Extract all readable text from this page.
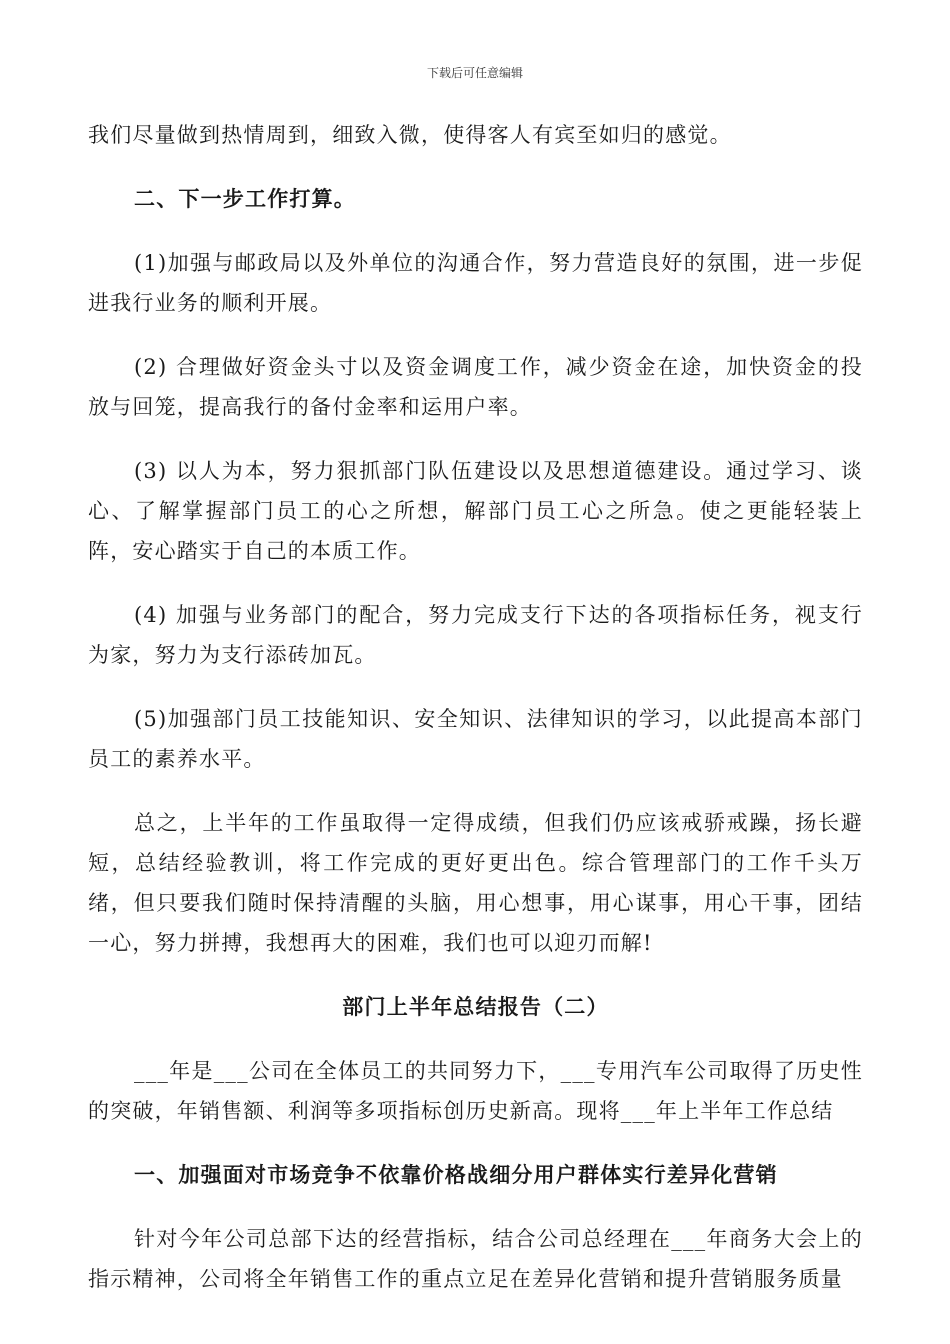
下载后可任意编辑

我们尽量做到热情周到，细致入微，使得客人有宾至如归的感觉。

二、下一步工作打算。

(1)加强与邮政局以及外单位的沟通合作，努力营造良好的氛围，进一步促进我行业务的顺利开展。

(2) 合理做好资金头寸以及资金调度工作，减少资金在途，加快资金的投放与回笼，提高我行的备付金率和运用户率。

(3) 以人为本，努力狠抓部门队伍建设以及思想道德建设。通过学习、谈心、了解掌握部门员工的心之所想，解部门员工心之所急。使之更能轻装上阵，安心踏实于自己的本质工作。

(4) 加强与业务部门的配合，努力完成支行下达的各项指标任务，视支行为家，努力为支行添砖加瓦。

(5)加强部门员工技能知识、安全知识、法律知识的学习，以此提高本部门员工的素养水平。

总之，上半年的工作虽取得一定得成绩，但我们仍应该戒骄戒躁，扬长避短，总结经验教训，将工作完成的更好更出色。综合管理部门的工作千头万绪，但只要我们随时保持清醒的头脑，用心想事，用心谋事，用心干事，团结一心，努力拼搏，我想再大的困难，我们也可以迎刃而解!

部门上半年总结报告（二）

___年是___公司在全体员工的共同努力下，___专用汽车公司取得了历史性的突破，年销售额、利润等多项指标创历史新高。现将___年上半年工作总结

一、加强面对市场竞争不依靠价格战细分用户群体实行差异化营销

针对今年公司总部下达的经营指标，结合公司总经理在___年商务大会上的指示精神，公司将全年销售工作的重点立足在差异化营销和提升营销服务质量
